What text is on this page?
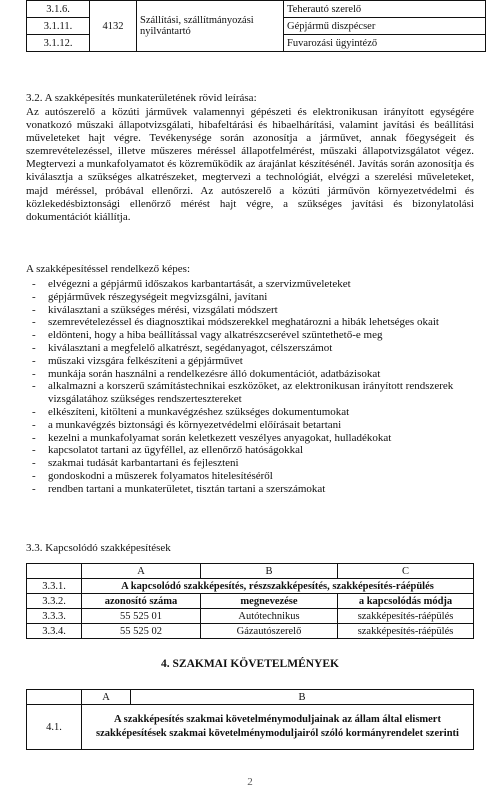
3.1.6.	4132	Szállítási, szállítmányozási nyilvántartó	Teherautó szerelő
3.1.11.			Gépjármű diszpécser
3.1.12.			Fuvarozási ügyintéző
3.2. A szakképesítés munkaterületének rövid leírása:
Az autószerelő a közúti járművek valamennyi gépészeti és elektronikusan irányított egységére vonatkozó műszaki állapotvizsgálati, hibafeltárási és hibaelhárítási, valamint javítási és beállítási műveleteket hajt végre. Tevékenysége során azonosítja a járművet, annak főegységeit és szemrevételezéssel, illetve műszeres méréssel állapotfelmérést, műszaki állapotvizsgálatot végez. Megtervezi a munkafolyamatot és közreműködik az árajánlat készítésénél. Javítás során azonosítja és kiválasztja a szükséges alkatrészeket, megtervezi a technológiát, elvégzi a szerelési műveleteket, majd méréssel, próbával ellenőrzi. Az autószerelő a közúti járművön környezetvédelmi és közlekedésbiztonsági ellenőrző mérést hajt végre, a szükséges javítási és bizonylatolási dokumentációt kiállítja.
A szakképesítéssel rendelkező képes:
- elvégezni a gépjármű időszakos karbantartását, a szervizműveleteket
- gépjárművek részegységeit megvizsgálni, javítani
- kiválasztani a szükséges mérési, vizsgálati módszert
- szemrevételezéssel és diagnosztikai módszerekkel meghatározni a hibák lehetséges okait
- eldönteni, hogy a hiba beállítással vagy alkatrészcserével szüntethető-e meg
- kiválasztani a megfelelő alkatrészt, segédanyagot, célszerszámot
- műszaki vizsgára felkészíteni a gépjárművet
- munkája során használni a rendelkezésre álló dokumentációt, adatbázisokat
- alkalmazni a korszerű számítástechnikai eszközöket, az elektronikusan irányított rendszerek vizsgálatához szükséges rendszertesztereket
- elkészíteni, kitölteni a munkavégzéshez szükséges dokumentumokat
- a munkavégzés biztonsági és környezetvédelmi előírásait betartani
- kezelni a munkafolyamat során keletkezett veszélyes anyagokat, hulladékokat
- kapcsolatot tartani az ügyféllel, az ellenőrző hatóságokkal
- szakmai tudását karbantartani és fejleszteni
- gondoskodni a műszerek folyamatos hitelesítéséről
- rendben tartani a munkaterületet, tisztán tartani a szerszámokat
3.3. Kapcsolódó szakképesítések
	A	B	C
3.3.1.	A kapcsolódó szakképesítés, részszakképesítés, szakképesítés-ráépülés		
3.3.2.	azonosító száma	megnevezése	a kapcsolódás módja
3.3.3.	55 525 01	Autótechnikus	szakképesítés-ráépülés
3.3.4.	55 525 02	Gázautószerelő	szakképesítés-ráépülés
4. SZAKMAI KÖVETELMÉNYEK
	A	B
4.1.	A szakképesítés szakmai követelménymoduljainak az állam által elismert szakképesítések szakmai követelménymoduljairól szóló kormányrendelet szerinti	
2
